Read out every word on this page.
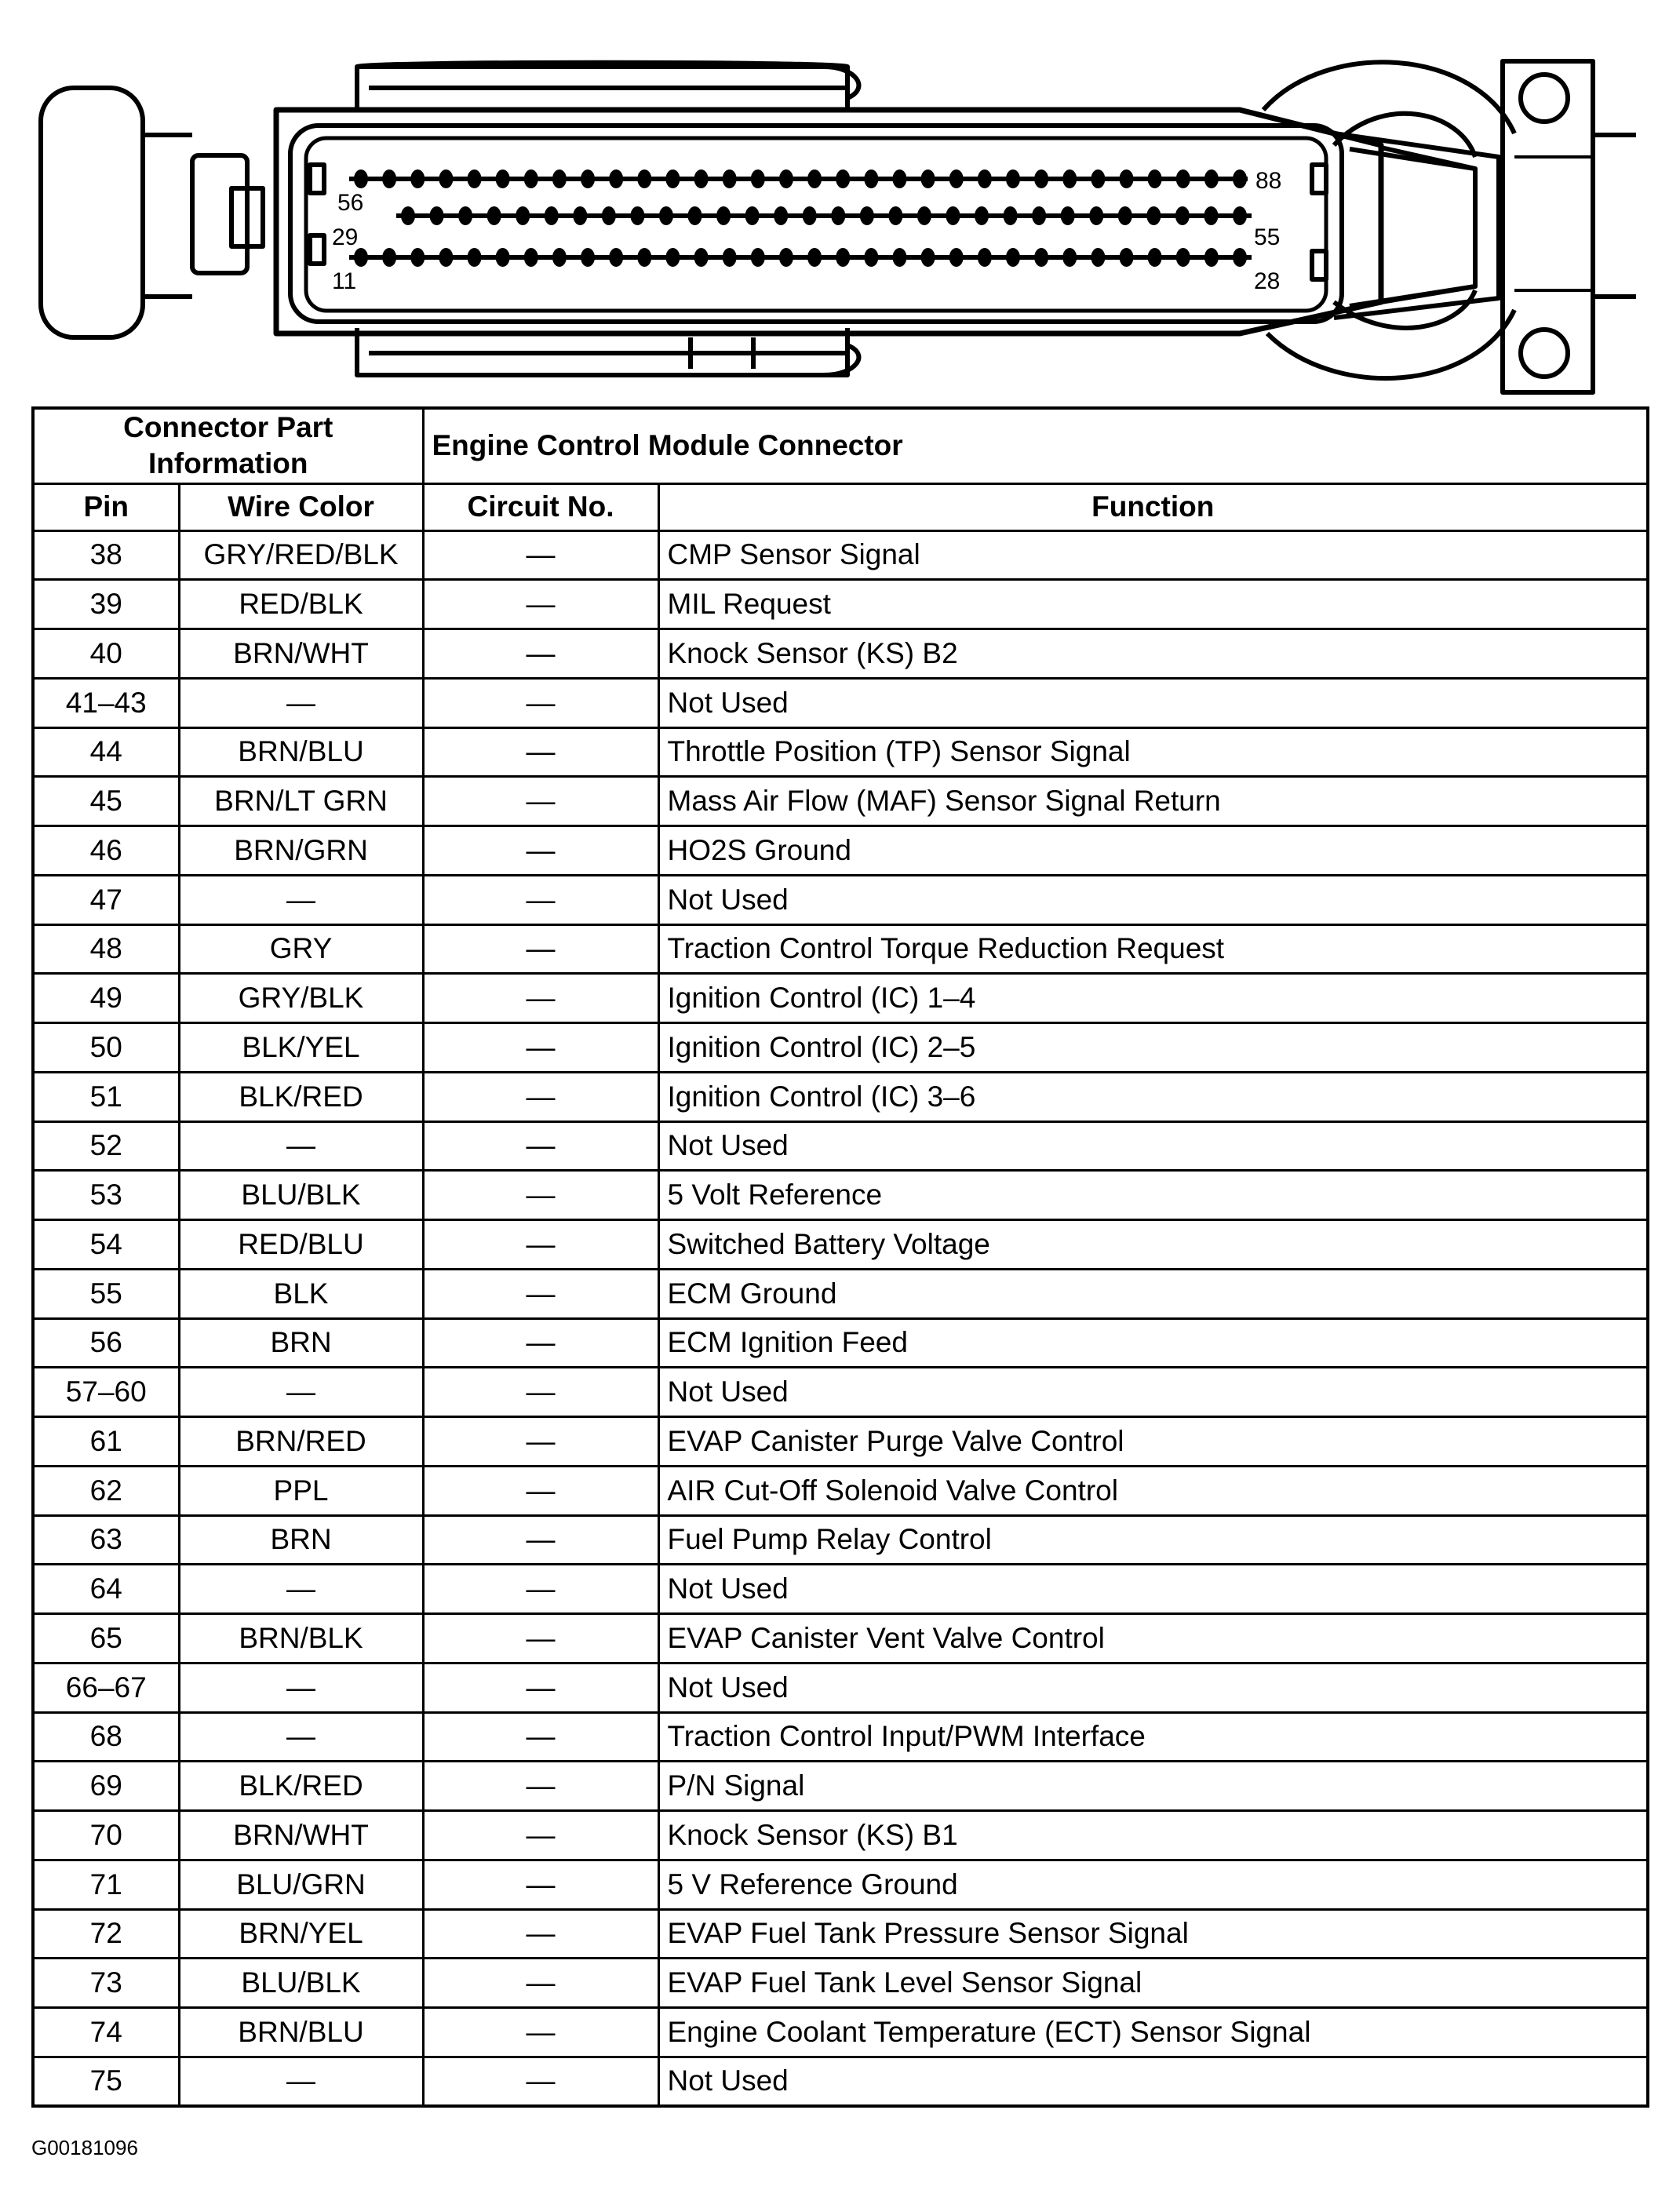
88
56
55
29
11	28
Connector Part Information		Engine Control Module Connector	
Pin	Wire Color	Circuit No.	Function
38	GRY/RED/BLK	—	CMP Sensor Signal
39	RED/BLK	—	MIL Request
40	BRN/WHT	—	Knock Sensor (KS) B2
41–43	—	—	Not Used
44	BRN/BLU	—	Throttle Position (TP) Sensor Signal
45	BRN/LT GRN	—	Mass Air Flow (MAF) Sensor Signal Return
46	BRN/GRN	—	HO2S Ground
47	—	—	Not Used
48	GRY	—	Traction Control Torque Reduction Request
49	GRY/BLK	—	Ignition Control (IC) 1–4
50	BLK/YEL	—	Ignition Control (IC) 2–5
51	BLK/RED	—	Ignition Control (IC) 3–6
52	—	—	Not Used
53	BLU/BLK	—	5 Volt Reference
54	RED/BLU	—	Switched Battery Voltage
55	BLK	—	ECM Ground
56	BRN	—	ECM Ignition Feed
57–60	—	—	Not Used
61	BRN/RED	—	EVAP Canister Purge Valve Control
62	PPL	—	AIR Cut-Off Solenoid Valve Control
63	BRN	—	Fuel Pump Relay Control
64	—	—	Not Used
65	BRN/BLK	—	EVAP Canister Vent Valve Control
66–67	—	—	Not Used
68	—	—	Traction Control Input/PWM Interface
69	BLK/RED	—	P/N Signal
70	BRN/WHT	—	Knock Sensor (KS) B1
71	BLU/GRN	—	5 V Reference Ground
72	BRN/YEL	—	EVAP Fuel Tank Pressure Sensor Signal
73	BLU/BLK	—	EVAP Fuel Tank Level Sensor Signal
74	BRN/BLU	—	Engine Coolant Temperature (ECT) Sensor Signal
75	—	—	Not Used
G00181096
